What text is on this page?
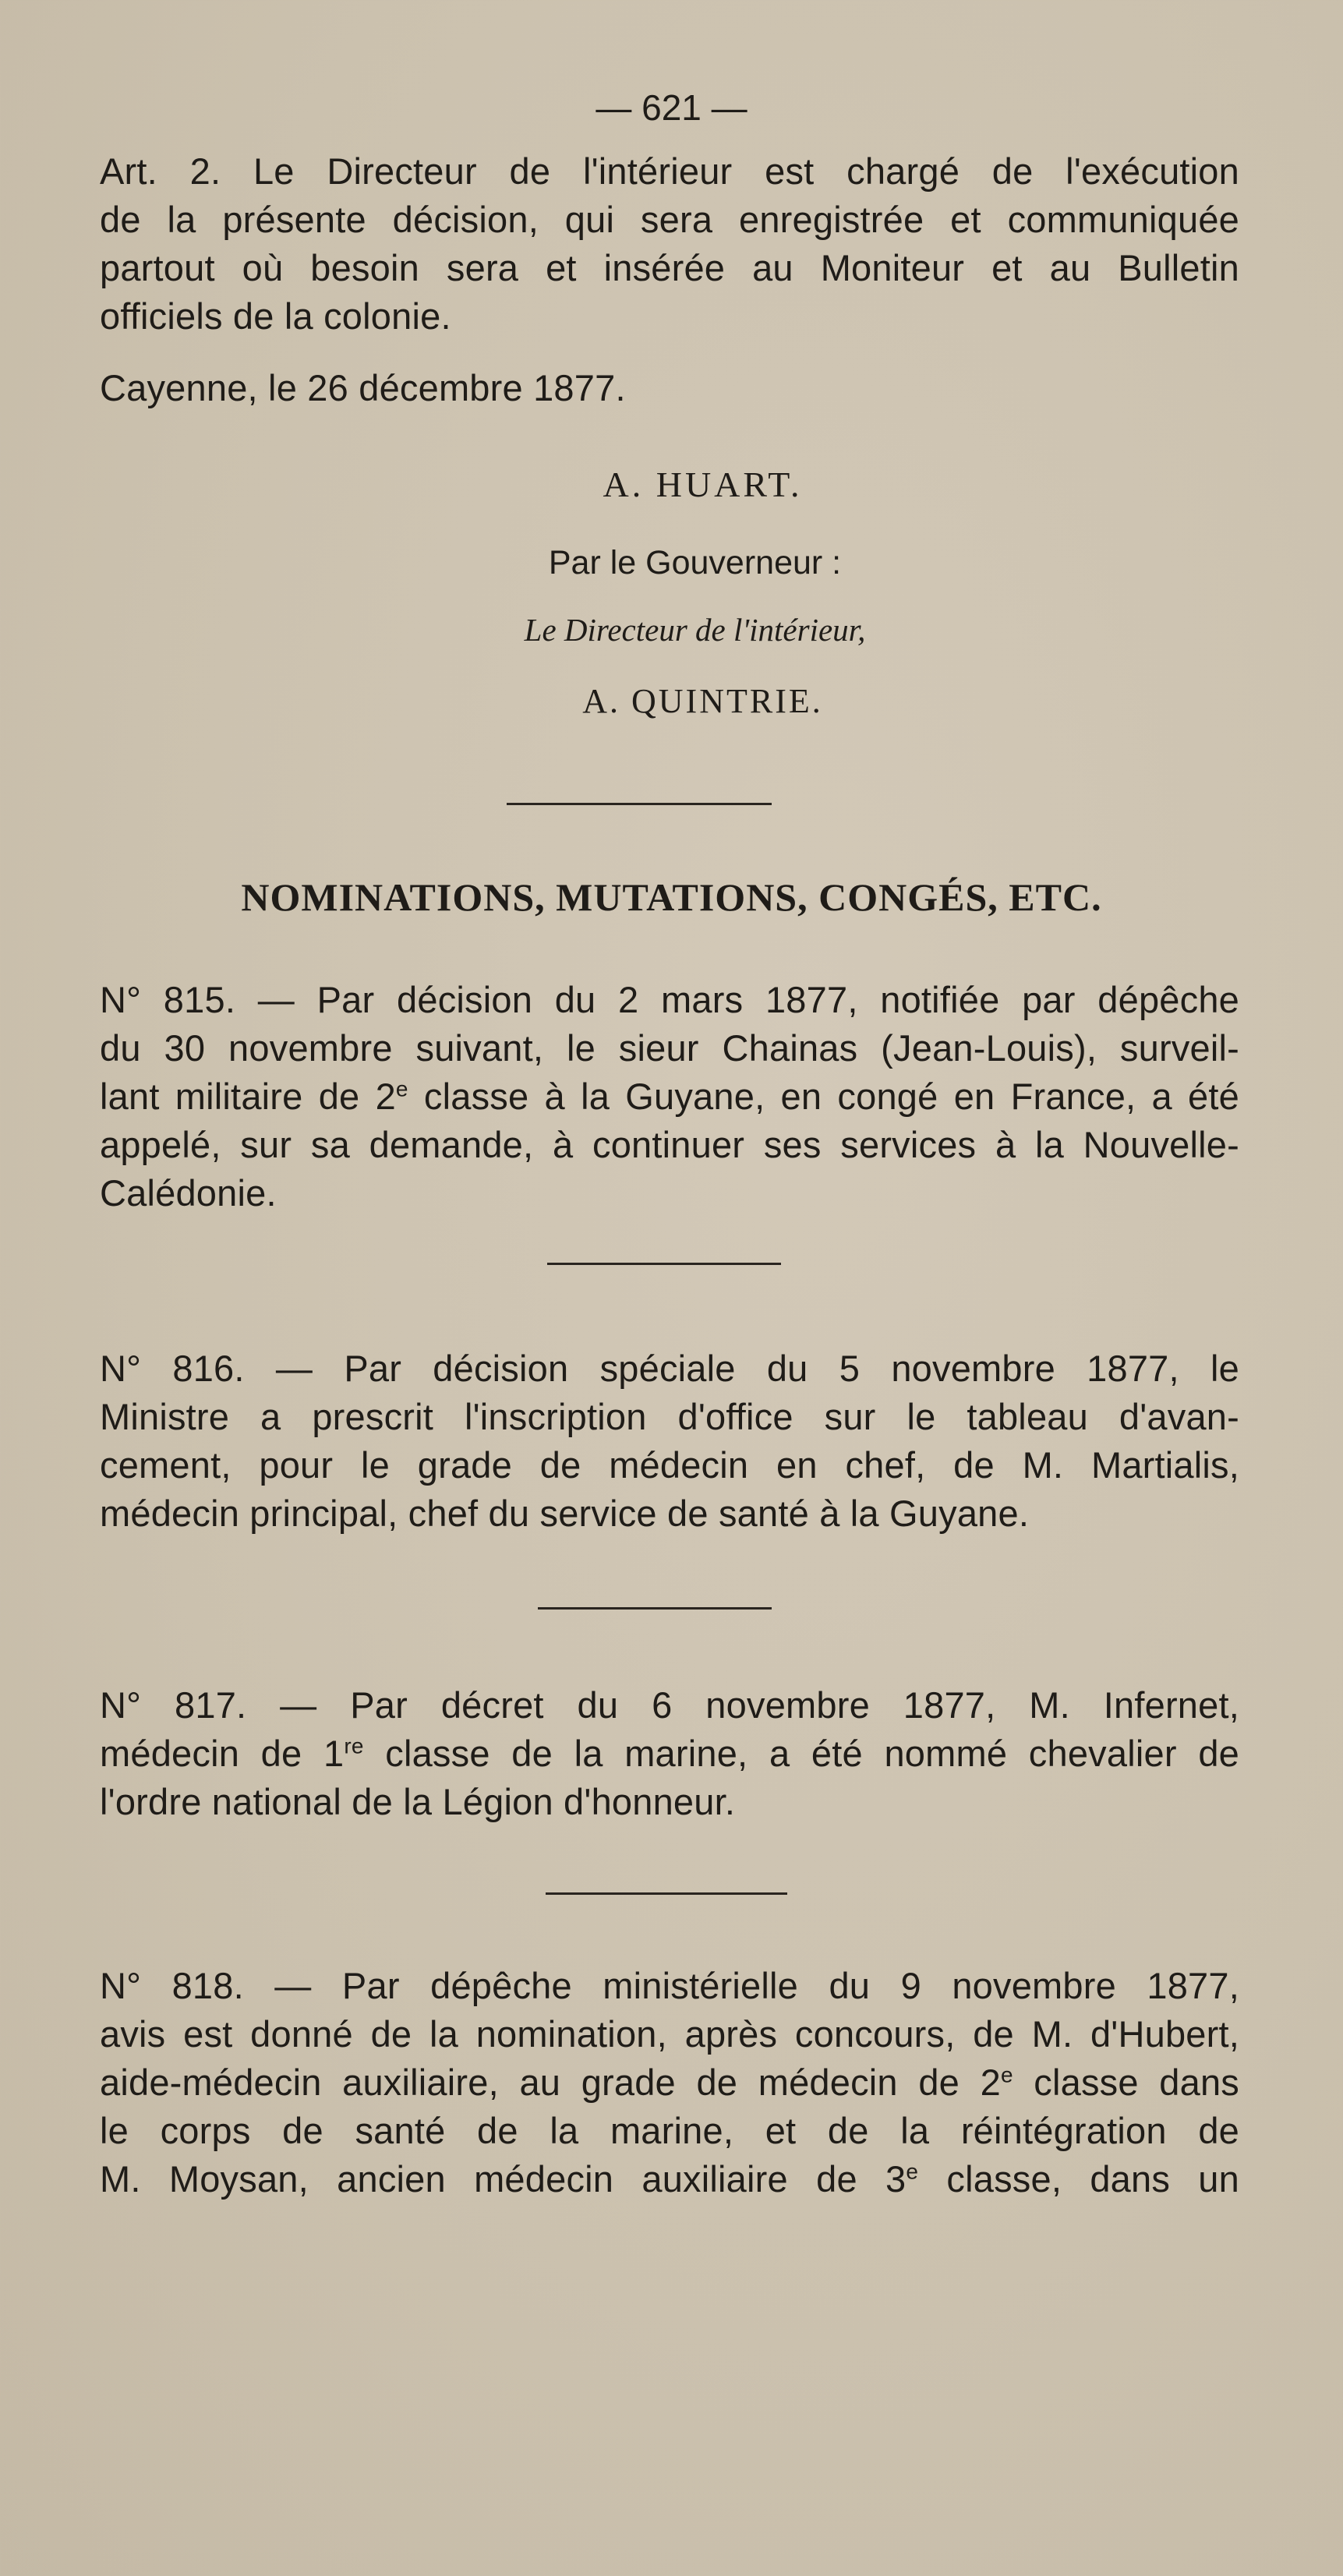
— 621 —

Art. 2. Le Directeur de l'intérieur est chargé de l'exécution

de la présente décision, qui sera enregistrée et communiquée

partout où besoin sera et insérée au Moniteur et au Bulletin

officiels de la colonie.

Cayenne, le 26 décembre 1877.

A. HUART.

Par le Gouverneur :

Le Directeur de l'intérieur,

A. QUINTRIE.

NOMINATIONS, MUTATIONS, CONGÉS, ETC.

N° 815. — Par décision du 2 mars 1877, notifiée par dépêche

du 30 novembre suivant, le sieur Chainas (Jean-Louis), surveil-

lant militaire de 2e classe à la Guyane, en congé en France, a été

appelé, sur sa demande, à continuer ses services à la Nouvelle-

Calédonie.

N° 816. — Par décision spéciale du 5 novembre 1877, le

Ministre a prescrit l'inscription d'office sur le tableau d'avan-

cement, pour le grade de médecin en chef, de M. Martialis,

médecin principal, chef du service de santé à la Guyane.

N° 817. — Par décret du 6 novembre 1877, M. Infernet,

médecin de 1re classe de la marine, a été nommé chevalier de

l'ordre national de la Légion d'honneur.

N° 818. — Par dépêche ministérielle du 9 novembre 1877,

avis est donné de la nomination, après concours, de M. d'Hubert,

aide-médecin auxiliaire, au grade de médecin de 2e classe dans

le corps de santé de la marine, et de la réintégration de

M. Moysan, ancien médecin auxiliaire de 3e classe, dans un
